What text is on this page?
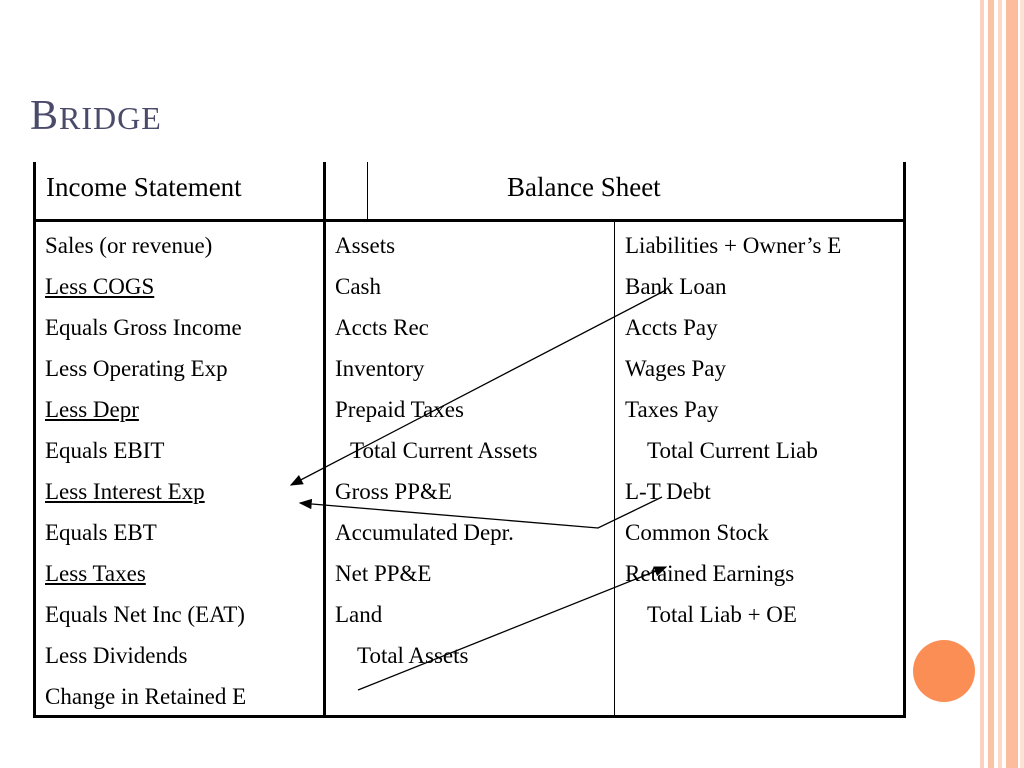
BRIDGE
Income Statement	Balance Sheet
Sales (or revenue)
Less COGS
Equals Gross Income
Less Operating Exp
Less Depr
Equals EBIT
Less Interest Exp
Equals EBT
Less Taxes
Equals Net Inc (EAT)
Less Dividends
Change in Retained E
Assets
Cash
Accts Rec
Inventory
Prepaid Taxes
Total Current Assets
Gross PP&E
Accumulated Depr.
Net PP&E
Land
Total Assets
Liabilities + Owner’s E
Bank Loan
Accts Pay
Wages Pay
Taxes Pay
Total Current Liab
L-T Debt
Common Stock
Retained Earnings
Total Liab + OE
